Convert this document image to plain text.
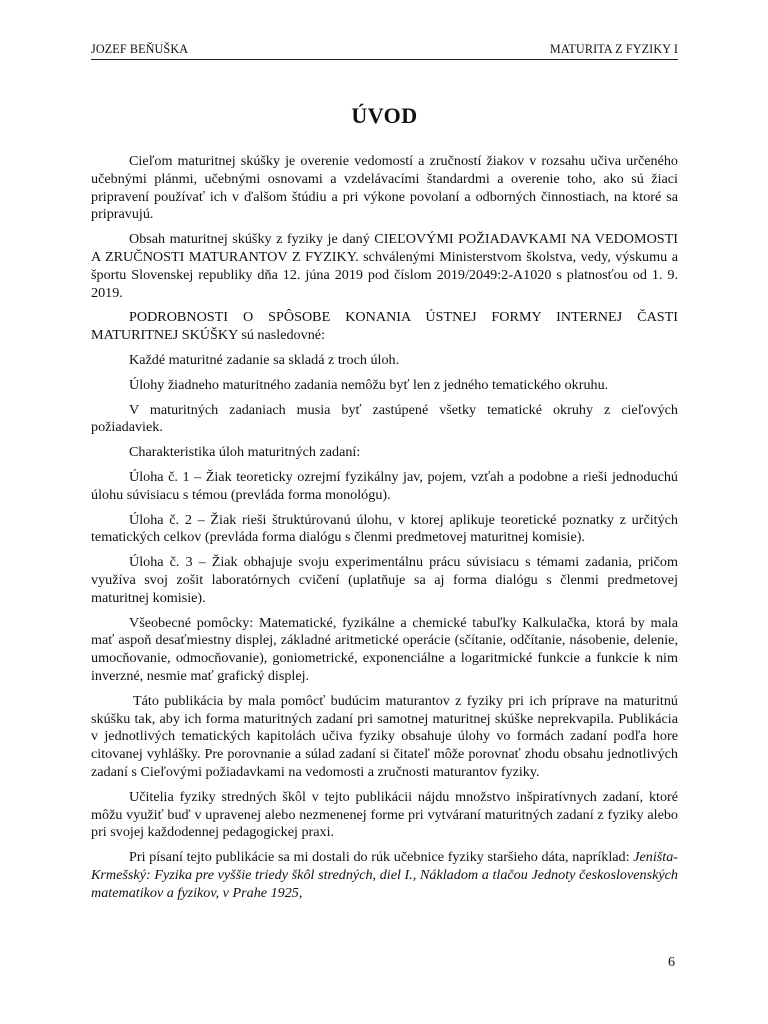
JOZEF BEŇUŠKA	MATURITA Z FYZIKY I
ÚVOD

Cieľom maturitnej skúšky je overenie vedomostí a zručností žiakov v rozsahu učiva určeného učebnými plánmi, učebnými osnovami a vzdelávacími štandardmi a overenie toho, ako sú žiaci pripravení používať ich v ďalšom štúdiu a pri výkone povolaní a odborných činnostiach, na ktoré sa pripravujú.

Obsah maturitnej skúšky z fyziky je daný CIEĽOVÝMI POŽIADAVKAMI NA VEDOMOSTI A ZRUČNOSTI MATURANTOV Z FYZIKY. schválenými Ministerstvom školstva, vedy, výskumu a športu Slovenskej republiky dňa 12. júna 2019 pod číslom 2019/2049:2-A1020 s platnosťou od 1. 9. 2019.

PODROBNOSTI O SPÔSOBE KONANIA ÚSTNEJ FORMY INTERNEJ ČASTI MATURITNEJ SKÚŠKY sú nasledovné:

Každé maturitné zadanie sa skladá z troch úloh.

Úlohy žiadneho maturitného zadania nemôžu byť len z jedného tematického okruhu.

V maturitných zadaniach musia byť zastúpené všetky tematické okruhy z cieľových požiadaviek.

Charakteristika úloh maturitných zadaní:

Úloha č. 1 – Žiak teoreticky ozrejmí fyzikálny jav, pojem, vzťah a podobne a rieši jednoduchú úlohu súvisiacu s témou (prevláda forma monológu).

Úloha č. 2 – Žiak rieši štruktúrovanú úlohu, v ktorej aplikuje teoretické poznatky z určitých tematických celkov (prevláda forma dialógu s členmi predmetovej maturitnej komisie).

Úloha č. 3 – Žiak obhajuje svoju experimentálnu prácu súvisiacu s témami zadania, pričom využíva svoj zošit laboratórnych cvičení (uplatňuje sa aj forma dialógu s členmi predmetovej maturitnej komisie).

Všeobecné pomôcky: Matematické, fyzikálne a chemické tabuľky Kalkulačka, ktorá by mala mať aspoň desaťmiestny displej, základné aritmetické operácie (sčítanie, odčítanie, násobenie, delenie, umocňovanie, odmocňovanie), goniometrické, exponenciálne a logaritmické funkcie a funkcie k nim inverzné, nesmie mať grafický displej.

Táto publikácia by mala pomôcť budúcim maturantov z fyziky pri ich príprave na maturitnú skúšku tak, aby ich forma maturitných zadaní pri samotnej maturitnej skúške neprekvapila. Publikácia v jednotlivých tematických kapitolách učiva fyziky obsahuje úlohy vo formách zadaní podľa hore citovanej vyhlášky. Pre porovnanie a súlad zadaní si čitateľ môže porovnať zhodu obsahu jednotlivých zadaní s Cieľovými požiadavkami na vedomosti a zručnosti maturantov fyziky.

Učitelia fyziky stredných škôl v tejto publikácii nájdu množstvo inšpiratívnych zadaní, ktoré môžu využiť buď v upravenej alebo nezmenenej forme pri vytváraní maturitných zadaní z fyziky alebo pri svojej každodennej pedagogickej praxi.

Pri písaní tejto publikácie sa mi dostali do rúk učebnice fyziky staršieho dáta, napríklad: Jeništa-Krmešský: Fyzika pre vyššie triedy škôl stredných, diel I., Nákladom a tlačou Jednoty československých matematikov a fyzikov, v Prahe 1925,

6
